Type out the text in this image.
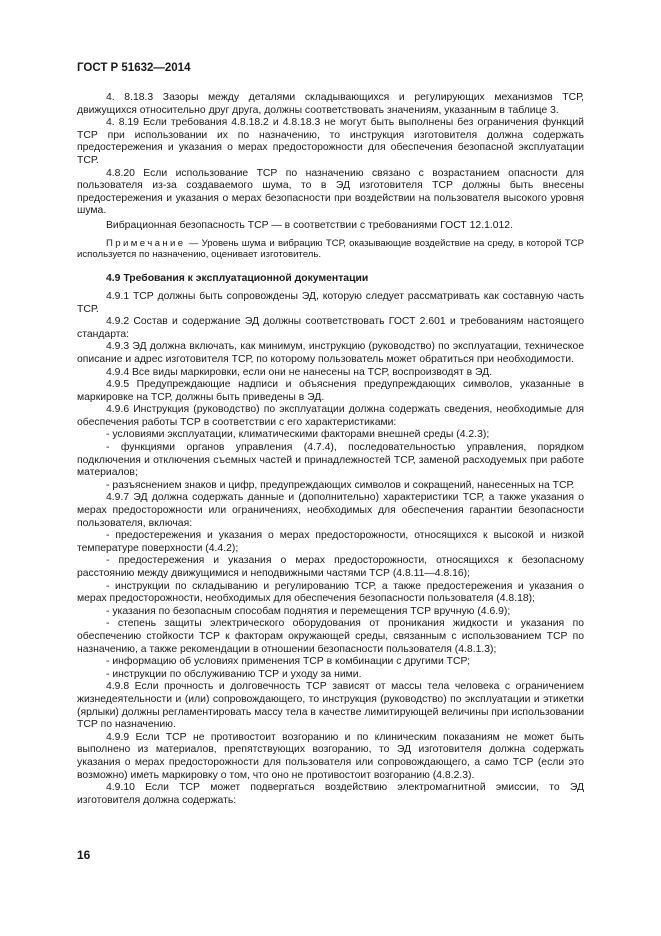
ГОСТ Р 51632—2014

4. 8.18.3 Зазоры между деталями складывающихся и регулирующих механизмов ТСР, движущихся относительно друг друга, должны соответствовать значениям, указанным в таблице 3.

4. 8.19 Если требования 4.8.18.2 и 4.8.18.3 не могут быть выполнены без ограничения функций ТСР при использовании их по назначению, то инструкция изготовителя должна содержать предостережения и указания о мерах предосторожности для обеспечения безопасной эксплуатации ТСР.

4.8.20 Если использование ТСР по назначению связано с возрастанием опасности для пользователя из-за создаваемого шума, то в ЭД изготовителя ТСР должны быть внесены предостережения и указания о мерах безопасности при воздействии на пользователя высокого уровня шума.

Вибрационная безопасность ТСР — в соответствии с требованиями ГОСТ 12.1.012.

Примечание — Уровень шума и вибрацию ТСР, оказывающие воздействие на среду, в которой ТСР используется по назначению, оценивает изготовитель.

4.9 Требования к эксплуатационной документации

4.9.1 ТСР должны быть сопровождены ЭД, которую следует рассматривать как составную часть ТСР.

4.9.2 Состав и содержание ЭД должны соответствовать ГОСТ 2.601 и требованиям настоящего стандарта:

4.9.3 ЭД должна включать, как минимум, инструкцию (руководство) по эксплуатации, техническое описание и адрес изготовителя ТСР, по которому пользователь может обратиться при необходимости.

4.9.4 Все виды маркировки, если они не нанесены на ТСР, воспроизводят в ЭД.

4.9.5 Предупреждающие надписи и объяснения предупреждающих символов, указанные в маркировке на ТСР, должны быть приведены в ЭД.

4.9.6 Инструкция (руководство) по эксплуатации должна содержать сведения, необходимые для обеспечения работы ТСР в соответствии с его характеристиками:

- условиями эксплуатации, климатическими факторами внешней среды (4.2.3);

- функциями органов управления (4.7.4), последовательностью управления, порядком подключения и отключения съемных частей и принадлежностей ТСР, заменой расходуемых при работе материалов;

- разъяснением знаков и цифр, предупреждающих символов и сокращений, нанесенных на ТСР.

4.9.7 ЭД должна содержать данные и (дополнительно) характеристики ТСР, а также указания о мерах предосторожности или ограничениях, необходимых для обеспечения гарантии безопасности пользователя, включая:

- предостережения и указания о мерах предосторожности, относящихся к высокой и низкой температуре поверхности (4.4.2);

- предостережения и указания о мерах предосторожности, относящихся к безопасному расстоянию между движущимися и неподвижными частями ТСР (4.8.11—4.8.16);

- инструкции по складыванию и регулированию ТСР, а также предостережения и указания о мерах предосторожности, необходимых для обеспечения безопасности пользователя (4.8.18);

- указания по безопасным способам поднятия и перемещения ТСР вручную (4.6.9);

- степень защиты электрического оборудования от проникания жидкости и указания по обеспечению стойкости ТСР к факторам окружающей среды, связанным с использованием ТСР по назначению, а также рекомендации в отношении безопасности пользователя (4.8.1.3);

- информацию об условиях применения ТСР в комбинации с другими ТСР;

- инструкции по обслуживанию ТСР и уходу за ними.

4.9.8 Если прочность и долговечность ТСР зависят от массы тела человека с ограничением жизнедеятельности и (или) сопровождающего, то инструкция (руководство) по эксплуатации и этикетки (ярлыки) должны регламентировать массу тела в качестве лимитирующей величины при использовании ТСР по назначению.

4.9.9 Если ТСР не противостоит возгоранию и по клиническим показаниям не может быть выполнено из материалов, препятствующих возгоранию, то ЭД изготовителя должна содержать указания о мерах предосторожности для пользователя или сопровождающего, а само ТСР (если это возможно) иметь маркировку о том, что оно не противостоит возгоранию (4.8.2.3).

4.9.10 Если ТСР может подвергаться воздействию электромагнитной эмиссии, то ЭД изготовителя должна содержать:

16
